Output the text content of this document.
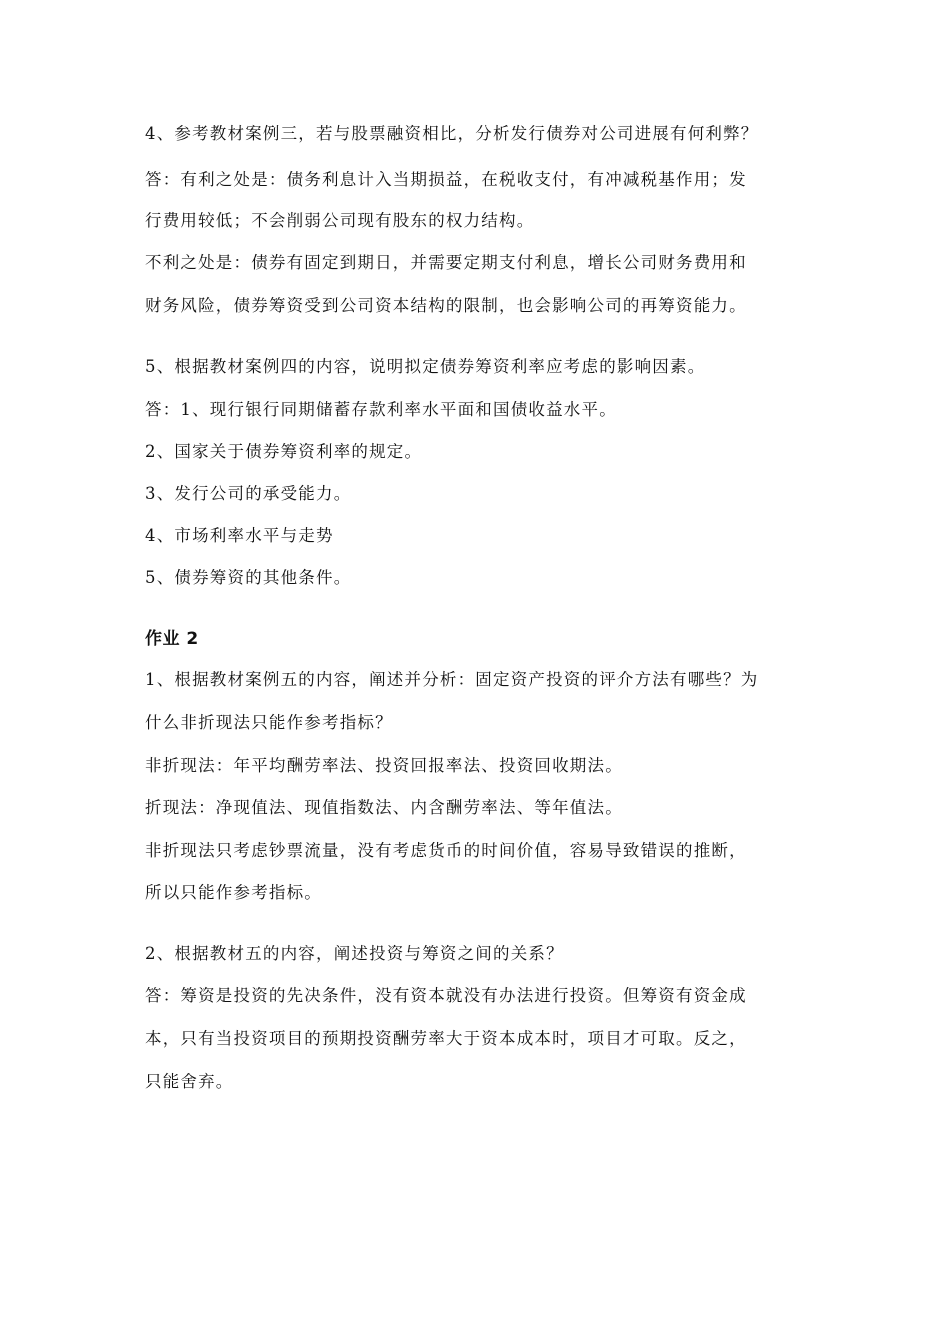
4、参考教材案例三，若与股票融资相比，分析发行债券对公司进展有何利弊？
答：有利之处是：债务利息计入当期损益，在税收支付，有冲减税基作用；发
行费用较低；不会削弱公司现有股东的权力结构。
不利之处是：债券有固定到期日，并需要定期支付利息，增长公司财务费用和
财务风险，债券筹资受到公司资本结构的限制，也会影响公司的再筹资能力。
5、根据教材案例四的内容，说明拟定债券筹资利率应考虑的影响因素。
答：1、现行银行同期储蓄存款利率水平面和国债收益水平。
2、国家关于债券筹资利率的规定。
3、发行公司的承受能力。
4、市场利率水平与走势
5、债券筹资的其他条件。
作业 2
1、根据教材案例五的内容，阐述并分析：固定资产投资的评介方法有哪些？为
什么非折现法只能作参考指标？
非折现法：年平均酬劳率法、投资回报率法、投资回收期法。
折现法：净现值法、现值指数法、内含酬劳率法、等年值法。
非折现法只考虑钞票流量，没有考虑货币的时间价值，容易导致错误的推断，
所以只能作参考指标。
2、根据教材五的内容，阐述投资与筹资之间的关系？
答：筹资是投资的先决条件，没有资本就没有办法进行投资。但筹资有资金成
本，只有当投资项目的预期投资酬劳率大于资本成本时，项目才可取。反之，
只能舍弃。
